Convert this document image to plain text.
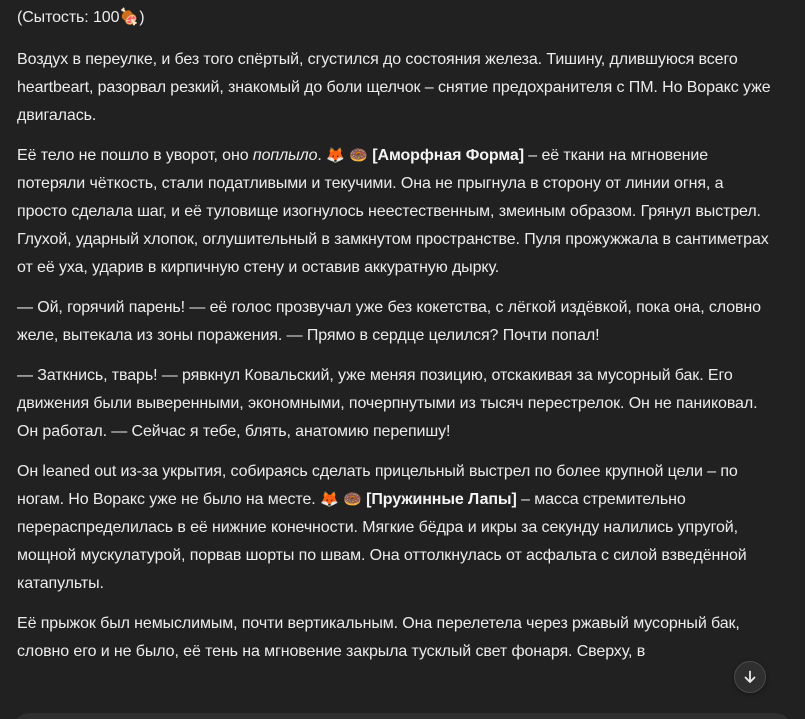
(Сытость: 100🍖)

Воздух в переулке, и без того спёртый, сгустился до состояния железа. Тишину, длившуюся всего heartbeart, разорвал резкий, знакомый до боли щелчок – снятие предохранителя с ПМ. Но Воракс уже двигалась.

Её тело не пошло в уворот, оно поплыло. 🦊 🍩 [Аморфная Форма] – её ткани на мгновение потеряли чёткость, стали податливыми и текучими. Она не прыгнула в сторону от линии огня, а просто сделала шаг, и её туловище изогнулось неестественным, змеиным образом. Грянул выстрел. Глухой, ударный хлопок, оглушительный в замкнутом пространстве. Пуля прожужжала в сантиметрах от её уха, ударив в кирпичную стену и оставив аккуратную дырку.

— Ой, горячий парень! — её голос прозвучал уже без кокетства, с лёгкой издёвкой, пока она, словно желе, вытекала из зоны поражения. — Прямо в сердце целился? Почти попал!

— Заткнись, тварь! — рявкнул Ковальский, уже меняя позицию, отскакивая за мусорный бак. Его движения были выверенными, экономными, почерпнутыми из тысяч перестрелок. Он не паниковал. Он работал. — Сейчас я тебе, блять, анатомию перепишу!

Он leaned out из-за укрытия, собираясь сделать прицельный выстрел по более крупной цели – по ногам. Но Воракс уже не было на месте. 🦊 🍩 [Пружинные Лапы] – масса стремительно перераспределилась в её нижние конечности. Мягкие бёдра и икры за секунду налились упругой, мощной мускулатурой, порвав шорты по швам. Она оттолкнулась от асфальта с силой взведённой катапульты.

Её прыжок был немыслимым, почти вертикальным. Она перелетела через ржавый мусорный бак, словно его и не было, её тень на мгновение закрыла тусклый свет фонаря. Сверху, в
